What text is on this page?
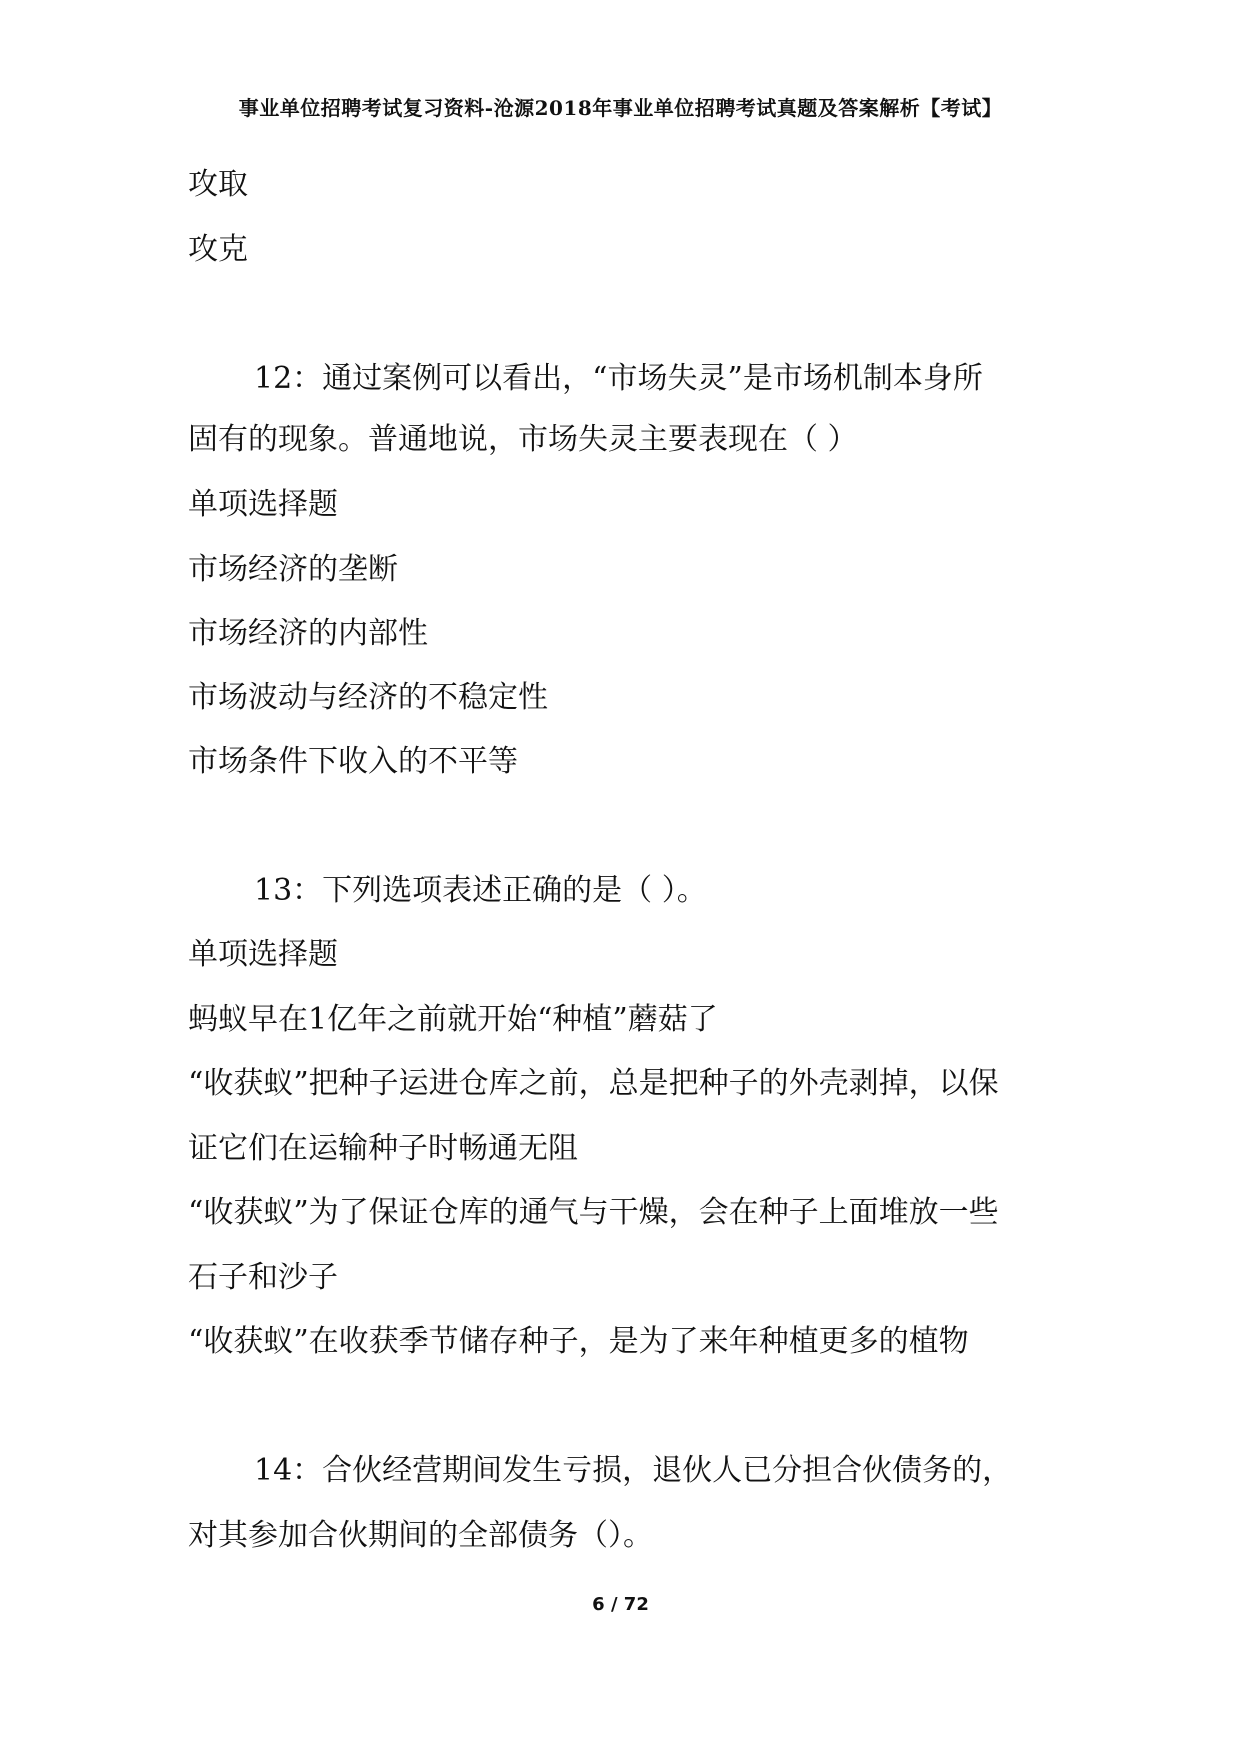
事业单位招聘考试复习资料-沧源2018年事业单位招聘考试真题及答案解析【考试】
攻取
攻克
12：通过案例可以看出，“市场失灵”是市场机制本身所
固有的现象。普通地说，市场失灵主要表现在（ ）
单项选择题
市场经济的垄断
市场经济的内部性
市场波动与经济的不稳定性
市场条件下收入的不平等
13：下列选项表述正确的是（ ）。
单项选择题
蚂蚁早在1亿年之前就开始“种植”蘑菇了
“收获蚁”把种子运进仓库之前，总是把种子的外壳剥掉，以保
证它们在运输种子时畅通无阻
“收获蚁”为了保证仓库的通气与干燥，会在种子上面堆放一些
石子和沙子
“收获蚁”在收获季节储存种子，是为了来年种植更多的植物
14：合伙经营期间发生亏损，退伙人已分担合伙债务的，
对其参加合伙期间的全部债务（）。
6 / 72
